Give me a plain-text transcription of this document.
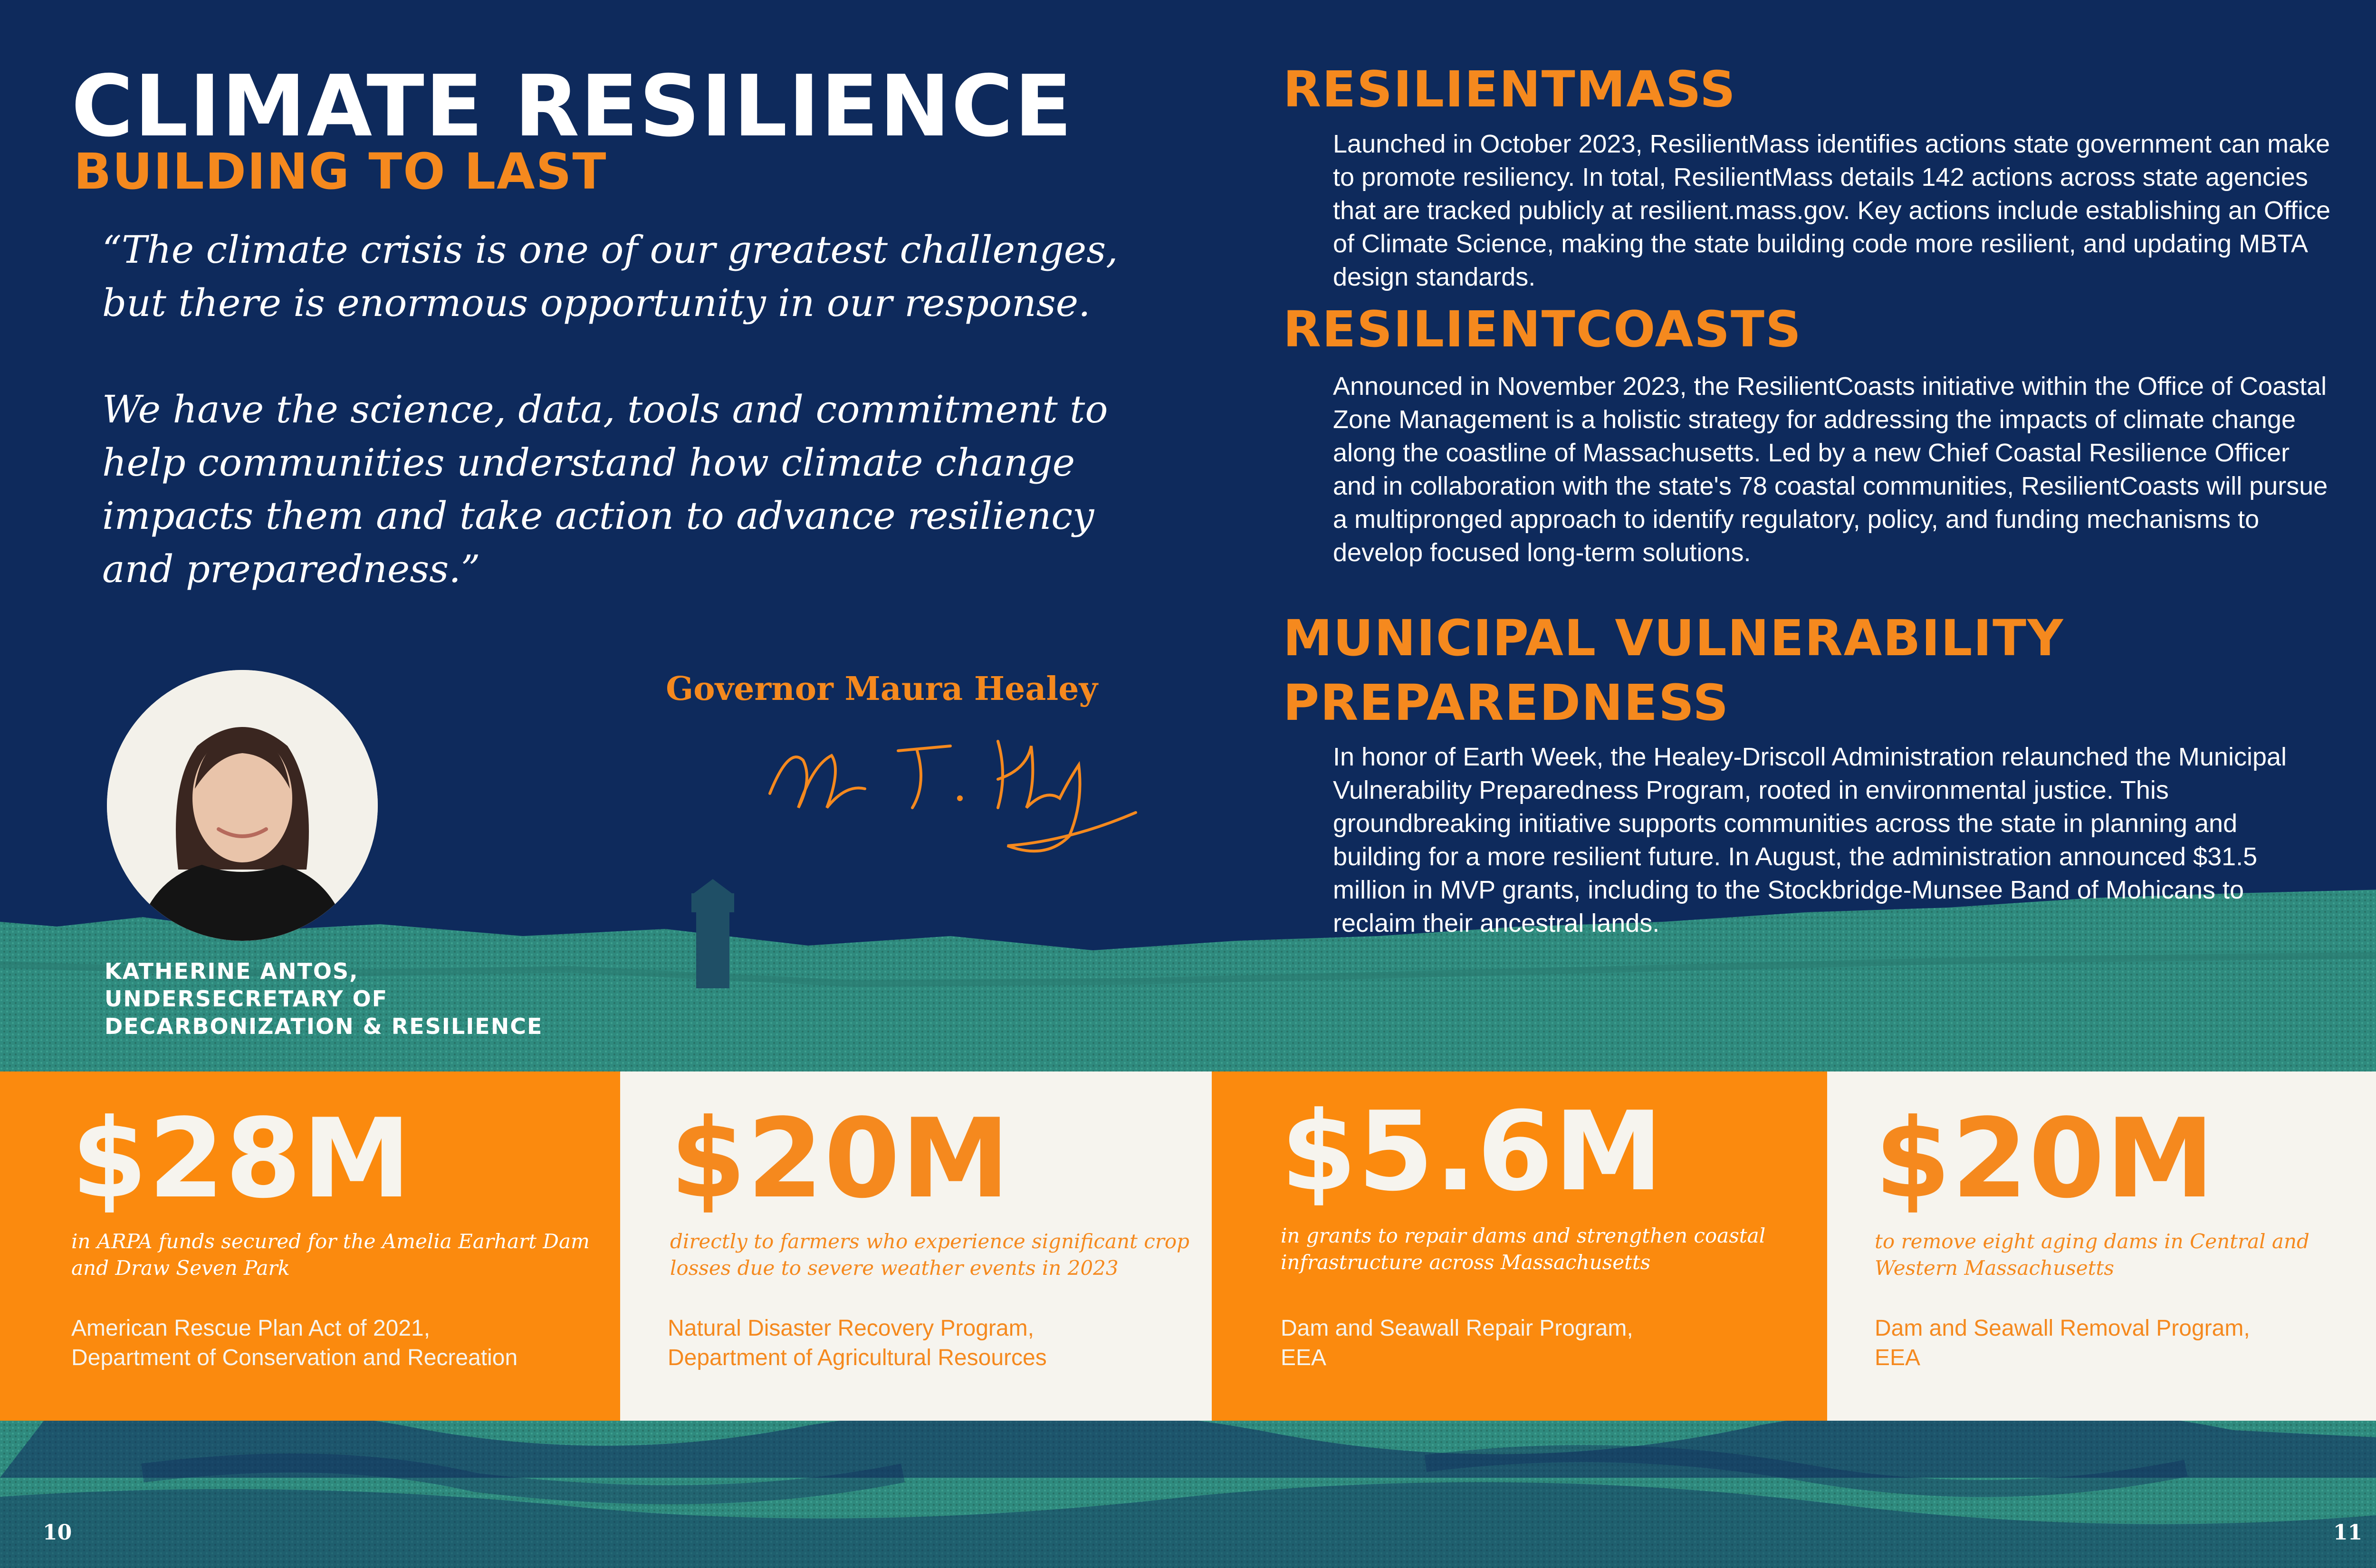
CLIMATE RESILIENCE
BUILDING TO LAST

“The climate crisis is one of our greatest challenges, but there is enormous opportunity in our response.

We have the science, data, tools and commitment to help communities understand how climate change impacts them and take action to advance resiliency and preparedness.”

Governor Maura Healey
M. T. Healey
KATHERINE ANTOS,
UNDERSECRETARY OF
DECARBONIZATION & RESILIENCE
RESILIENTMASS
Launched in October 2023, ResilientMass identifies actions state government can make to promote resiliency. In total, ResilientMass details 142 actions across state agencies that are tracked publicly at resilient.mass.gov. Key actions include establishing an Office of Climate Science, making the state building code more resilient, and updating MBTA design standards.
RESILIENTCOASTS
Announced in November 2023, the ResilientCoasts initiative within the Office of Coastal Zone Management is a holistic strategy for addressing the impacts of climate change along the coastline of Massachusetts. Led by a new Chief Coastal Resilience Officer and in collaboration with the state's 78 coastal communities, ResilientCoasts will pursue a multipronged approach to identify regulatory, policy, and funding mechanisms to develop focused long-term solutions.
MUNICIPAL VULNERABILITY
PREPAREDNESS
In honor of Earth Week, the Healey-Driscoll Administration relaunched the Municipal Vulnerability Preparedness Program, rooted in environmental justice. This groundbreaking initiative supports communities across the state in planning and building for a more resilient future. In August, the administration announced $31.5 million in MVP grants, including to the Stockbridge-Munsee Band of Mohicans to reclaim their ancestral lands.
$28M
in ARPA funds secured for the Amelia Earhart Dam and Draw Seven Park
American Rescue Plan Act of 2021,
Department of Conservation and Recreation
$20M
directly to farmers who experience significant crop losses due to severe weather events in 2023
Natural Disaster Recovery Program,
Department of Agricultural Resources
$5.6M
in grants to repair dams and strengthen coastal infrastructure across Massachusetts
Dam and Seawall Repair Program,
EEA
$20M
to remove eight aging dams in Central and Western Massachusetts
Dam and Seawall Removal Program,
EEA
10	11
